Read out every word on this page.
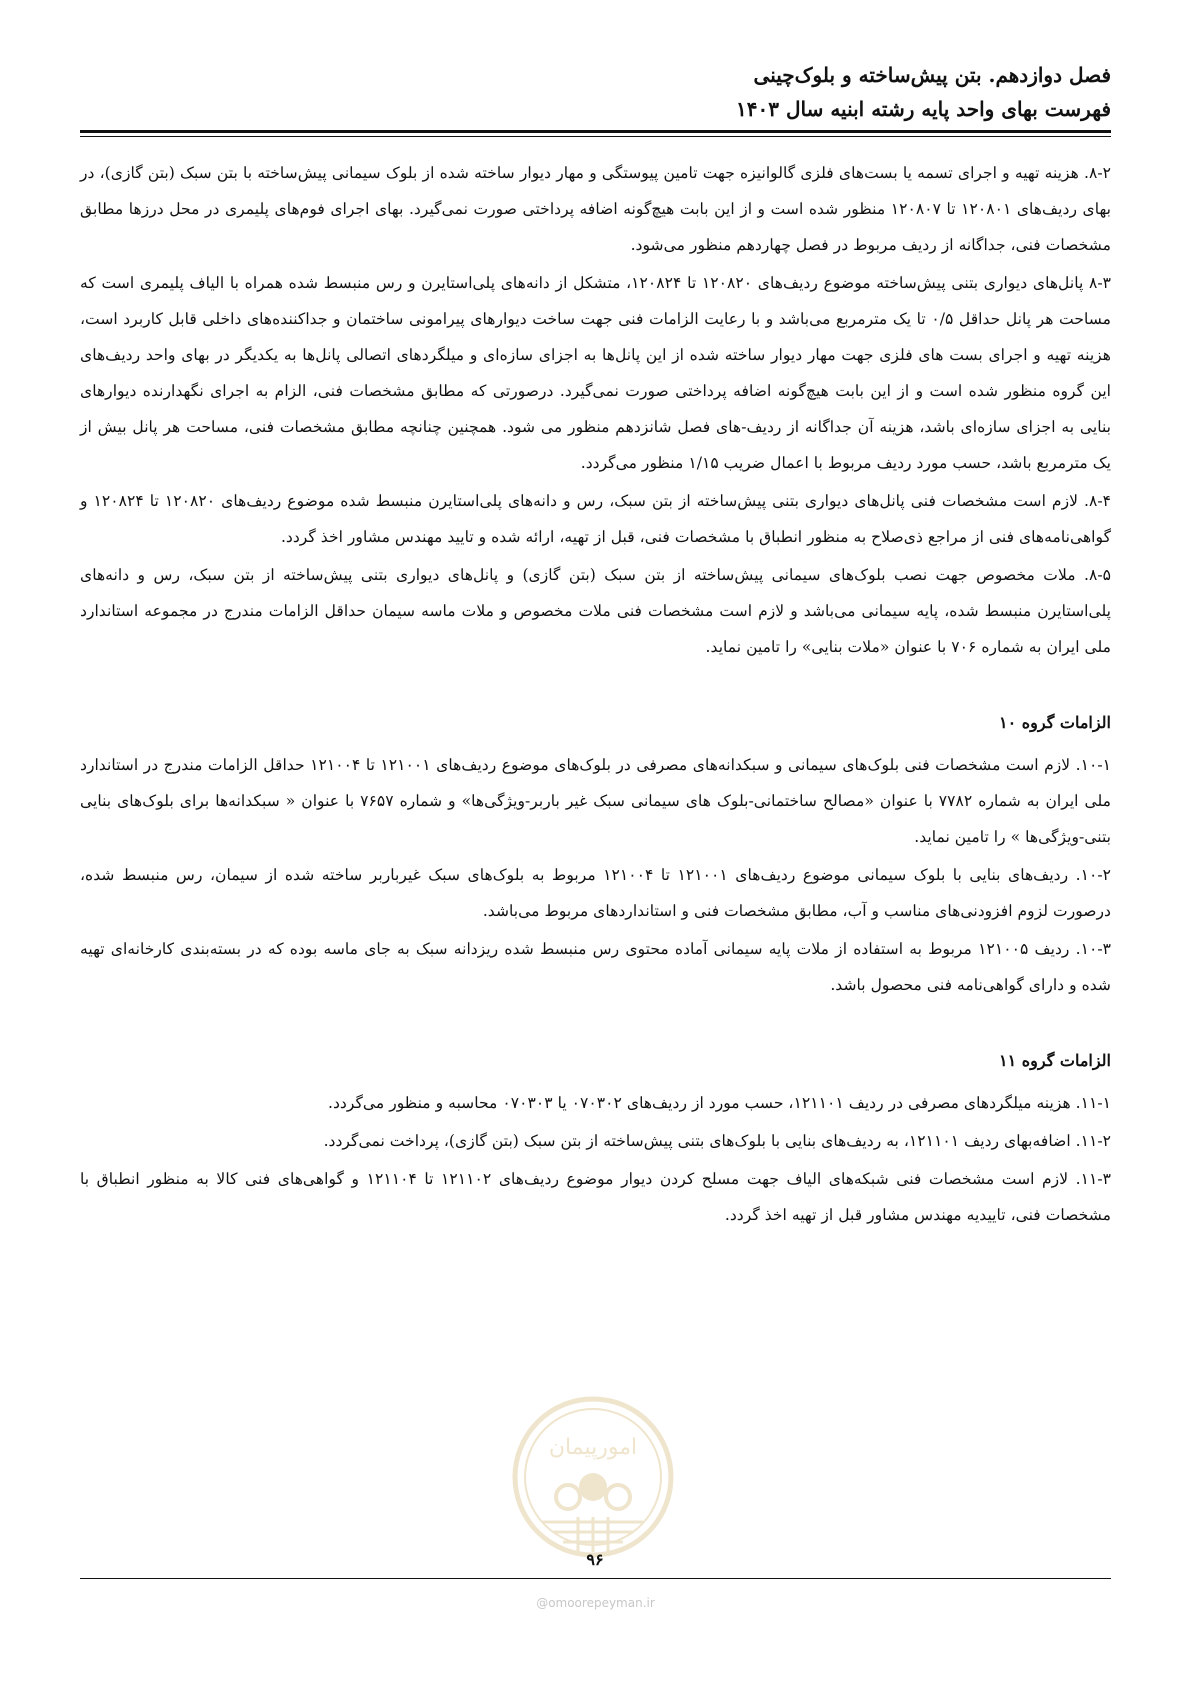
فصل دوازدهم. بتن پیش‌ساخته و بلوک‌چینی
فهرست بهای واحد پایه رشته ابنیه سال ۱۴۰۳

۸-۲. هزینه تهیه و اجرای تسمه یا بست‌های فلزی گالوانیزه جهت تامین پیوستگی و مهار دیوار ساخته شده از بلوک سیمانی پیش‌ساخته با بتن سبک (بتن گازی)، در بهای ردیف‌های ۱۲۰۸۰۱ تا ۱۲۰۸۰۷ منظور شده است و از این بابت هیچ‌گونه اضافه پرداختی صورت نمی‌گیرد. بهای اجرای فوم‌های پلیمری در محل درزها مطابق مشخصات فنی، جداگانه از ردیف مربوط در فصل چهاردهم منظور می‌شود.

۸-۳ پانل‌های دیواری بتنی پیش‌ساخته موضوع ردیف‌های ۱۲۰۸۲۰ تا ۱۲۰۸۲۴، متشکل از دانه‌های پلی‌استایرن و رس منبسط شده همراه با الیاف پلیمری است که مساحت هر پانل حداقل ۰/۵ تا یک مترمربع می‌باشد و با رعایت الزامات فنی جهت ساخت دیوارهای پیرامونی ساختمان و جداکننده‌های داخلی قابل کاربرد است، هزینه تهیه و اجرای بست های فلزی جهت مهار دیوار ساخته شده از این پانل‌ها به اجزای سازه‌ای و میلگردهای اتصالی پانل‌ها به یکدیگر در بهای واحد ردیف‌های این گروه منظور شده است و از این بابت هیچ‌گونه اضافه پرداختی صورت نمی‌گیرد. درصورتی که مطابق مشخصات فنی، الزام به اجرای نگهدارنده دیوارهای بنایی به اجزای سازه‌ای باشد، هزینه آن جداگانه از ردیف-های فصل شانزدهم منظور می شود. همچنین چنانچه مطابق مشخصات فنی، مساحت هر پانل بیش از یک مترمربع باشد، حسب مورد ردیف مربوط با اعمال ضریب ۱/۱۵ منظور می‌گردد.

۸-۴. لازم است مشخصات فنی پانل‌های دیواری بتنی پیش‌ساخته از بتن سبک، رس و دانه‌های پلی‌استایرن منبسط شده موضوع ردیف‌های ۱۲۰۸۲۰ تا ۱۲۰۸۲۴ و گواهی‌نامه‌های فنی از مراجع ذی‌صلاح به منظور انطباق با مشخصات فنی، قبل از تهیه، ارائه شده و تایید مهندس مشاور اخذ گردد.

۸-۵. ملات مخصوص جهت نصب بلوک‌های سیمانی پیش‌ساخته از بتن سبک (بتن گازی) و پانل‌های دیواری بتنی پیش‌ساخته از بتن سبک، رس و دانه‌های پلی‌استایرن منبسط شده، پایه سیمانی می‌باشد و لازم است مشخصات فنی ملات مخصوص و ملات ماسه سیمان حداقل الزامات مندرج در مجموعه استاندارد ملی ایران به شماره ۷۰۶ با عنوان «ملات بنایی» را تامین نماید.

الزامات گروه ۱۰

۱۰-۱. لازم است مشخصات فنی بلوک‌های سیمانی و سبکدانه‌های مصرفی در بلوک‌های موضوع ردیف‌های ۱۲۱۰۰۱ تا ۱۲۱۰۰۴ حداقل الزامات مندرج در استاندارد ملی ایران به شماره ۷۷۸۲ با عنوان «مصالح ساختمانی-بلوک های سیمانی سبک غیر باربر-ویژگی‌ها» و شماره ۷۶۵۷ با عنوان « سبکدانه‌ها برای بلوک‌های بنایی بتنی-ویژگی‌ها » را تامین نماید.

۱۰-۲. ردیف‌های بنایی با بلوک سیمانی موضوع ردیف‌های ۱۲۱۰۰۱ تا ۱۲۱۰۰۴ مربوط به بلوک‌های سبک غیرباربر ساخته شده از سیمان، رس منبسط شده، درصورت لزوم افزودنی‌های مناسب و آب، مطابق مشخصات فنی و استانداردهای مربوط می‌باشد.

۱۰-۳. ردیف ۱۲۱۰۰۵ مربوط به استفاده از ملات پایه سیمانی آماده محتوی رس منبسط شده ریزدانه سبک به جای ماسه بوده که در بسته‌بندی کارخانه‌ای تهیه شده و دارای گواهی‌نامه فنی محصول باشد.

الزامات گروه ۱۱

۱۱-۱. هزینه میلگردهای مصرفی در ردیف ۱۲۱۱۰۱، حسب مورد از ردیف‌های ۰۷۰۳۰۲ یا ۰۷۰۳۰۳ محاسبه و منظور می‌گردد.

۱۱-۲. اضافه‌بهای ردیف ۱۲۱۱۰۱، به ردیف‌های بنایی با بلوک‌های بتنی پیش‌ساخته از بتن سبک (بتن گازی)، پرداخت نمی‌گردد.

۱۱-۳. لازم است مشخصات فنی شبکه‌های الیاف جهت مسلح کردن دیوار موضوع ردیف‌های ۱۲۱۱۰۲ تا ۱۲۱۱۰۴ و گواهی‌های فنی کالا به منظور انطباق با مشخصات فنی، تاییدیه مهندس مشاور قبل از تهیه اخذ گردد.

امورپیمان
۹۶
@omoorepeyman.ir
